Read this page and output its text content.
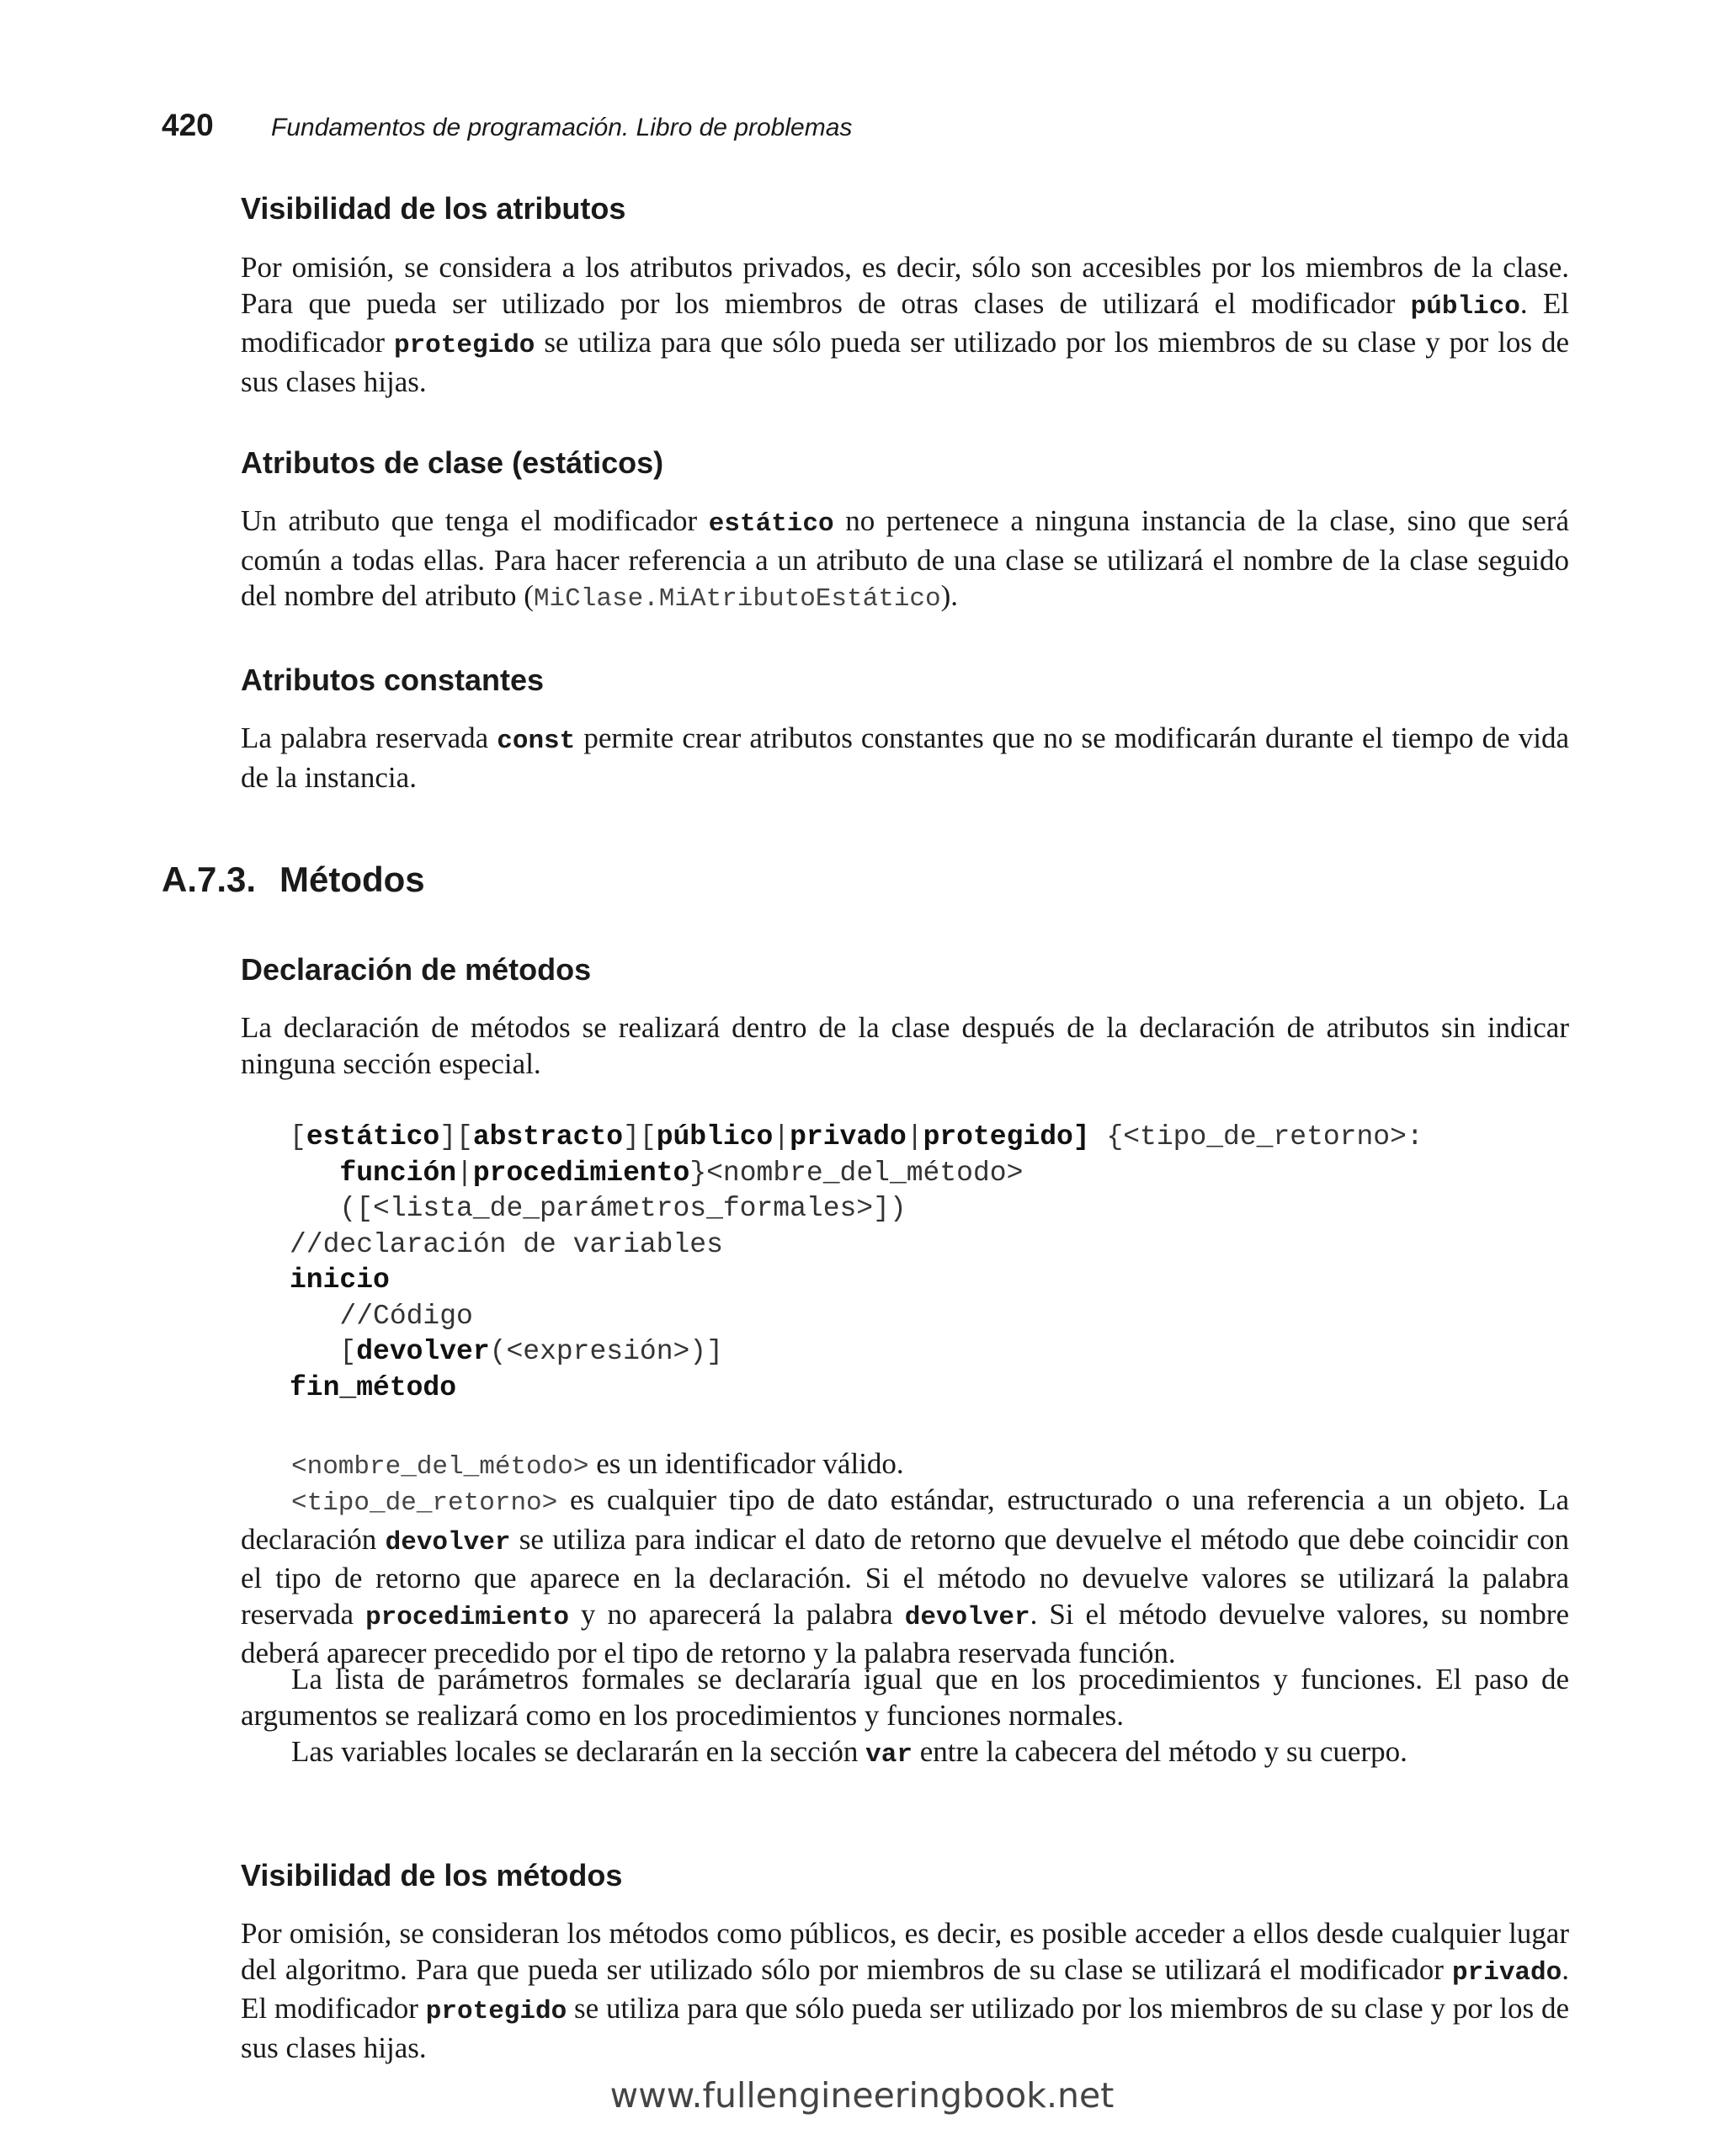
420	Fundamentos de programación. Libro de problemas
Visibilidad de los atributos

Por omisión, se considera a los atributos privados, es decir, sólo son accesibles por los miembros de la clase. Para que pueda ser utilizado por los miembros de otras clases de utilizará el modificador público. El modificador protegido se utiliza para que sólo pueda ser utilizado por los miembros de su clase y por los de sus clases hijas.

Atributos de clase (estáticos)

Un atributo que tenga el modificador estático no pertenece a ninguna instancia de la clase, sino que será común a todas ellas. Para hacer referencia a un atributo de una clase se utilizará el nombre de la clase seguido del nombre del atributo (MiClase.MiAtributoEstático).

Atributos constantes

La palabra reservada const permite crear atributos constantes que no se modificarán durante el tiempo de vida de la instancia.

A.7.3. Métodos
Declaración de métodos

La declaración de métodos se realizará dentro de la clase después de la declaración de atributos sin indicar ninguna sección especial.

[estático][abstracto][público|privado|protegido] {<tipo_de_retorno>:
función|procedimiento}<nombre_del_método>
([<lista_de_parámetros_formales>])
//declaración de variables
inicio
//Código
[devolver(<expresión>)]
fin_método

<nombre_del_método> es un identificador válido.

<tipo_de_retorno> es cualquier tipo de dato estándar, estructurado o una referencia a un objeto. La declaración devolver se utiliza para indicar el dato de retorno que devuelve el método que debe coincidir con el tipo de retorno que aparece en la declaración. Si el método no devuelve valores se utilizará la palabra reservada procedimiento y no aparecerá la palabra devolver. Si el método devuelve valores, su nombre deberá aparecer precedido por el tipo de retorno y la palabra reservada función.

La lista de parámetros formales se declararía igual que en los procedimientos y funciones. El paso de argumentos se realizará como en los procedimientos y funciones normales.

Las variables locales se declararán en la sección var entre la cabecera del método y su cuerpo.

Visibilidad de los métodos

Por omisión, se consideran los métodos como públicos, es decir, es posible acceder a ellos desde cualquier lugar del algoritmo. Para que pueda ser utilizado sólo por miembros de su clase se utilizará el modificador privado. El modificador protegido se utiliza para que sólo pueda ser utilizado por los miembros de su clase y por los de sus clases hijas.

www.fullengineeringbook.net
